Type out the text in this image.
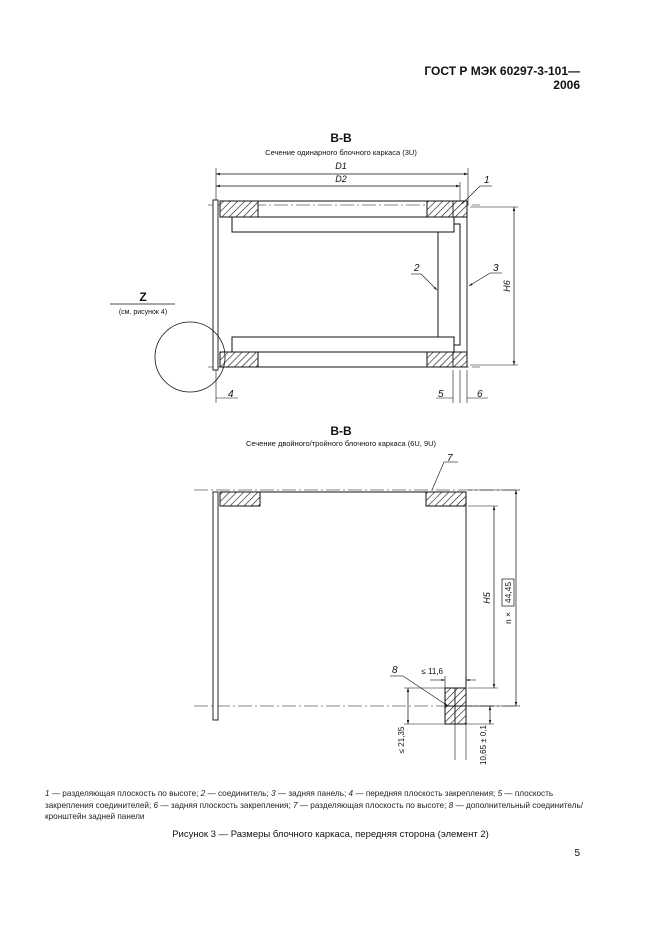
ГОСТ Р МЭК 60297-3-101—2006
В-В
Сечение одинарного блочного каркаса (3U)
D1
D2
H6
Z
(см. рисунок 4)
1
2	3
4	5	6
В-В
Сечение двойного/тройного блочного каркаса (6U, 9U)
7
H5
n ×
44,45
≤ 11,6
8
≤ 21,35	10,65 ± 0,1
1 — разделяющая плоскость по высоте; 2 — соединитель; 3 — задняя панель; 4 — передняя плоскость закрепления; 5 — плоскость закрепления соединителей; 6 — задняя плоскость закрепления; 7 — разделяющая плоскость по высоте; 8 — дополнительный соединитель/кронштейн задней панели
Рисунок 3 — Размеры блочного каркаса, передняя сторона (элемент 2)
5
